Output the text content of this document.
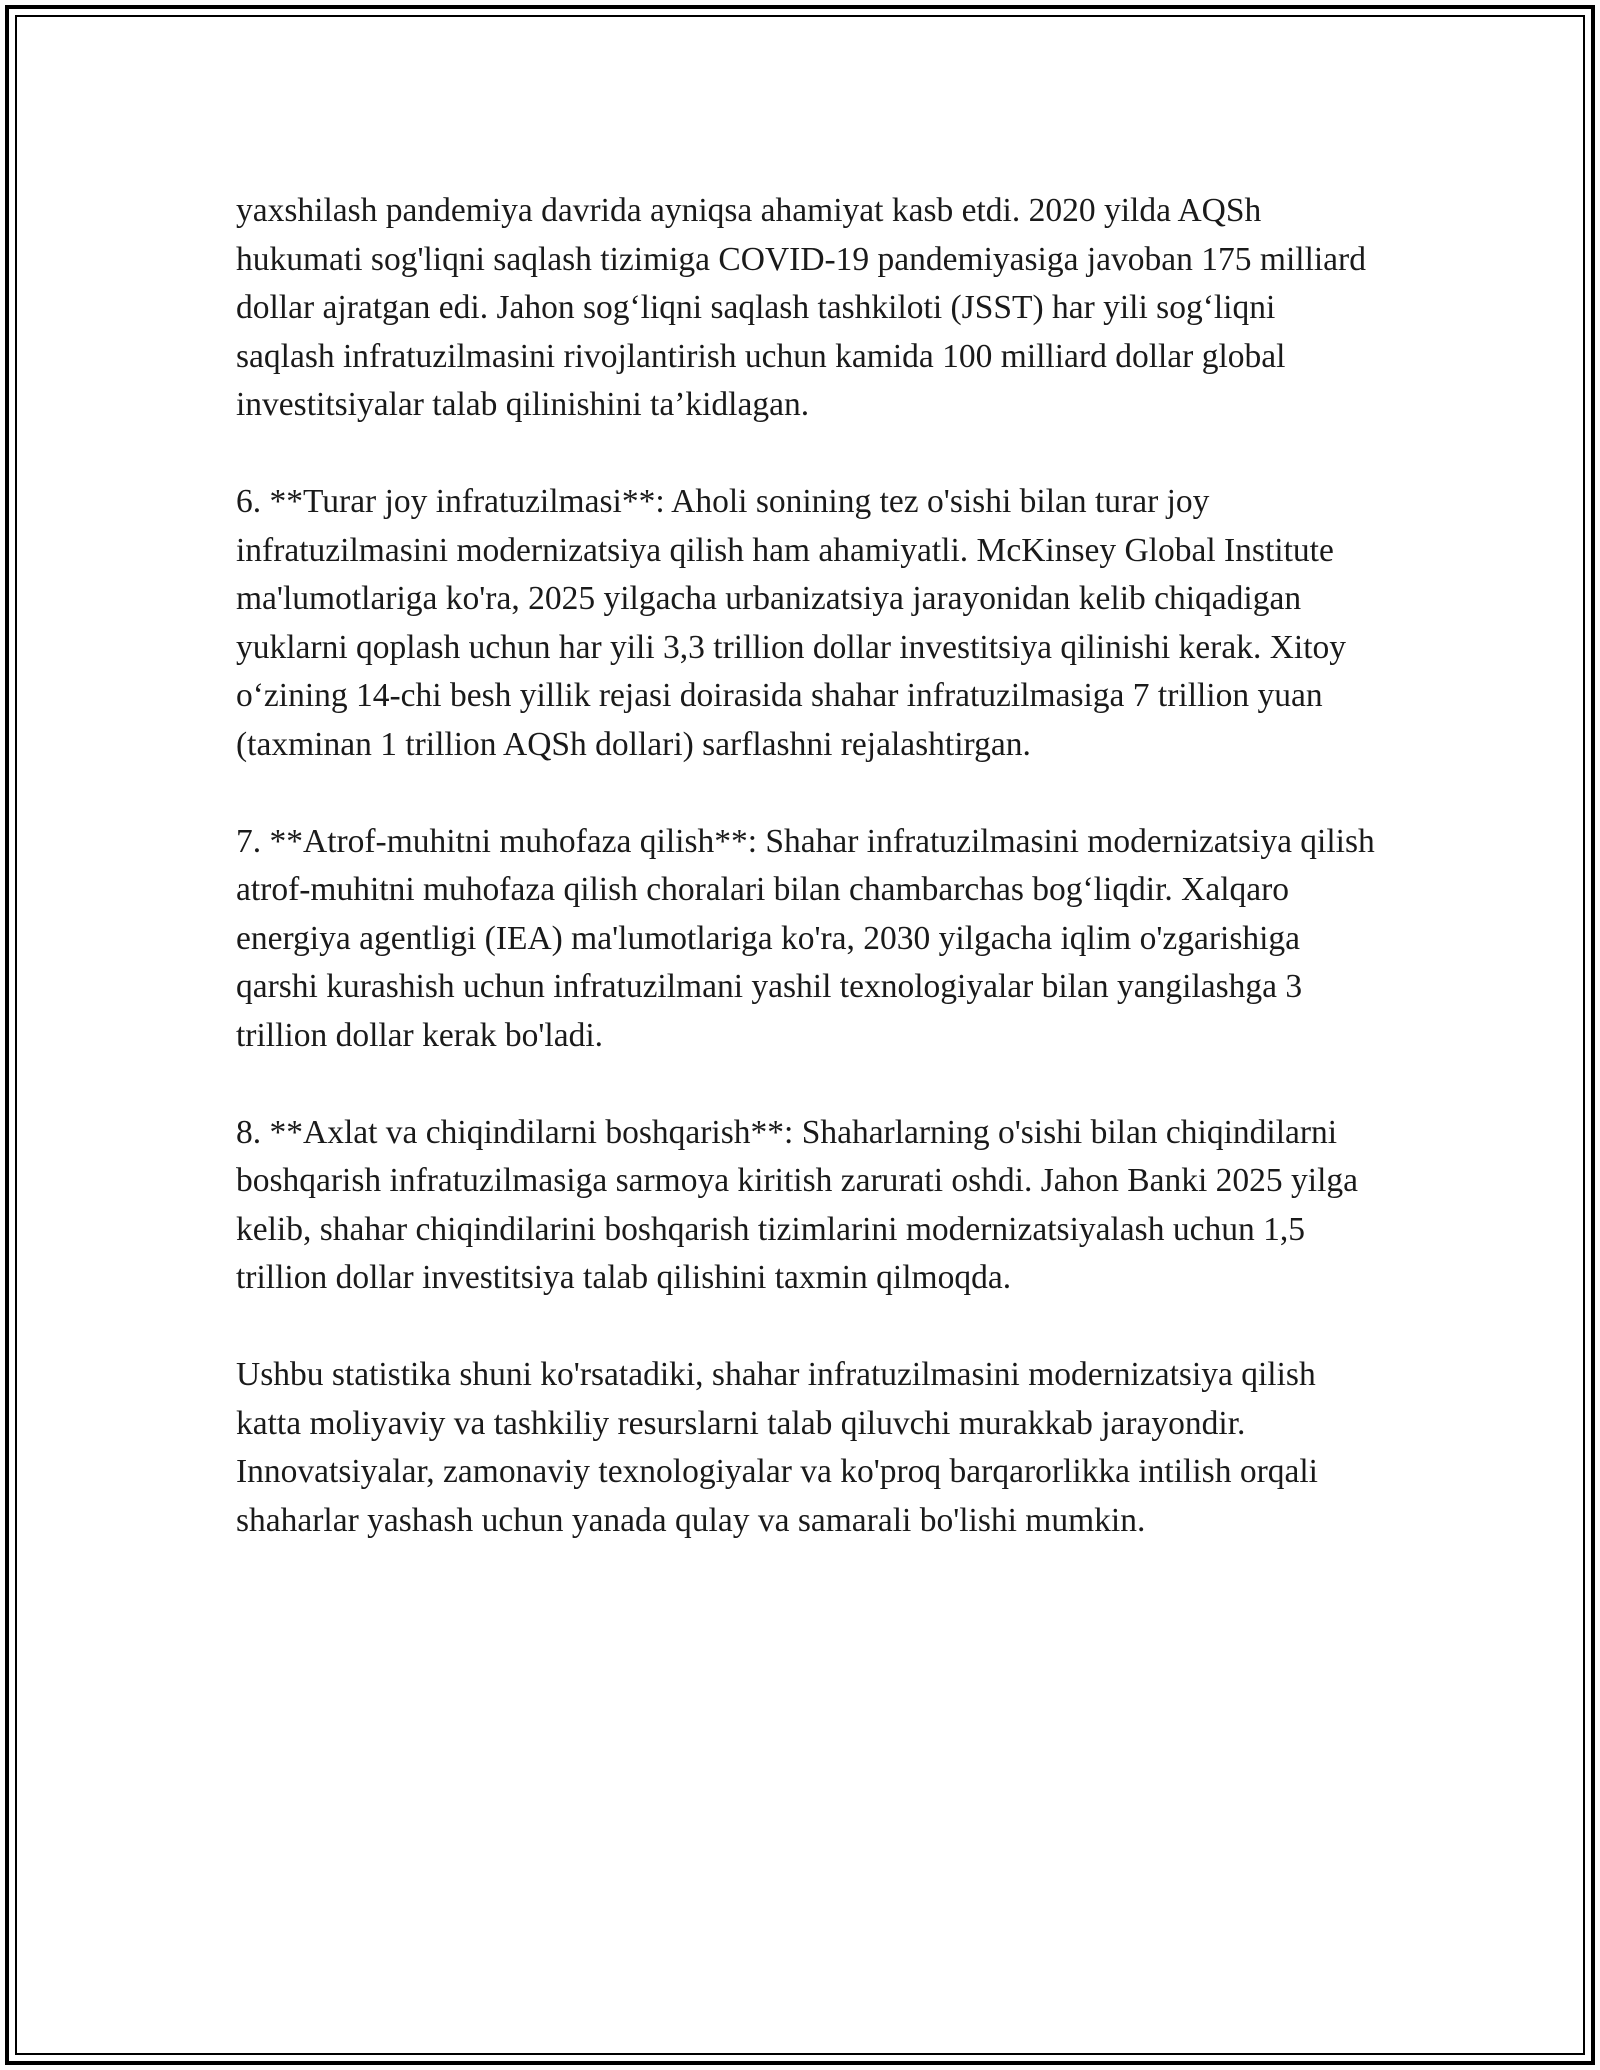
yaxshilash pandemiya davrida ayniqsa ahamiyat kasb etdi. 2020 yilda AQSh hukumati sog'liqni saqlash tizimiga COVID-19 pandemiyasiga javoban 175 milliard dollar ajratgan edi. Jahon sog‘liqni saqlash tashkiloti (JSST) har yili sog‘liqni saqlash infratuzilmasini rivojlantirish uchun kamida 100 milliard dollar global investitsiyalar talab qilinishini ta’kidlagan.

6. **Turar joy infratuzilmasi**: Aholi sonining tez o'sishi bilan turar joy infratuzilmasini modernizatsiya qilish ham ahamiyatli. McKinsey Global Institute ma'lumotlariga ko'ra, 2025 yilgacha urbanizatsiya jarayonidan kelib chiqadigan yuklarni qoplash uchun har yili 3,3 trillion dollar investitsiya qilinishi kerak. Xitoy o‘zining 14-chi besh yillik rejasi doirasida shahar infratuzilmasiga 7 trillion yuan (taxminan 1 trillion AQSh dollari) sarflashni rejalashtirgan.

7. **Atrof-muhitni muhofaza qilish**: Shahar infratuzilmasini modernizatsiya qilish atrof-muhitni muhofaza qilish choralari bilan chambarchas bog‘liqdir. Xalqaro energiya agentligi (IEA) ma'lumotlariga ko'ra, 2030 yilgacha iqlim o'zgarishiga qarshi kurashish uchun infratuzilmani yashil texnologiyalar bilan yangilashga 3 trillion dollar kerak bo'ladi.

8. **Axlat va chiqindilarni boshqarish**: Shaharlarning o'sishi bilan chiqindilarni boshqarish infratuzilmasiga sarmoya kiritish zarurati oshdi. Jahon Banki 2025 yilga kelib, shahar chiqindilarini boshqarish tizimlarini modernizatsiyalash uchun 1,5 trillion dollar investitsiya talab qilishini taxmin qilmoqda.

Ushbu statistika shuni ko'rsatadiki, shahar infratuzilmasini modernizatsiya qilish katta moliyaviy va tashkiliy resurslarni talab qiluvchi murakkab jarayondir. Innovatsiyalar, zamonaviy texnologiyalar va ko'proq barqarorlikka intilish orqali shaharlar yashash uchun yanada qulay va samarali bo'lishi mumkin.
